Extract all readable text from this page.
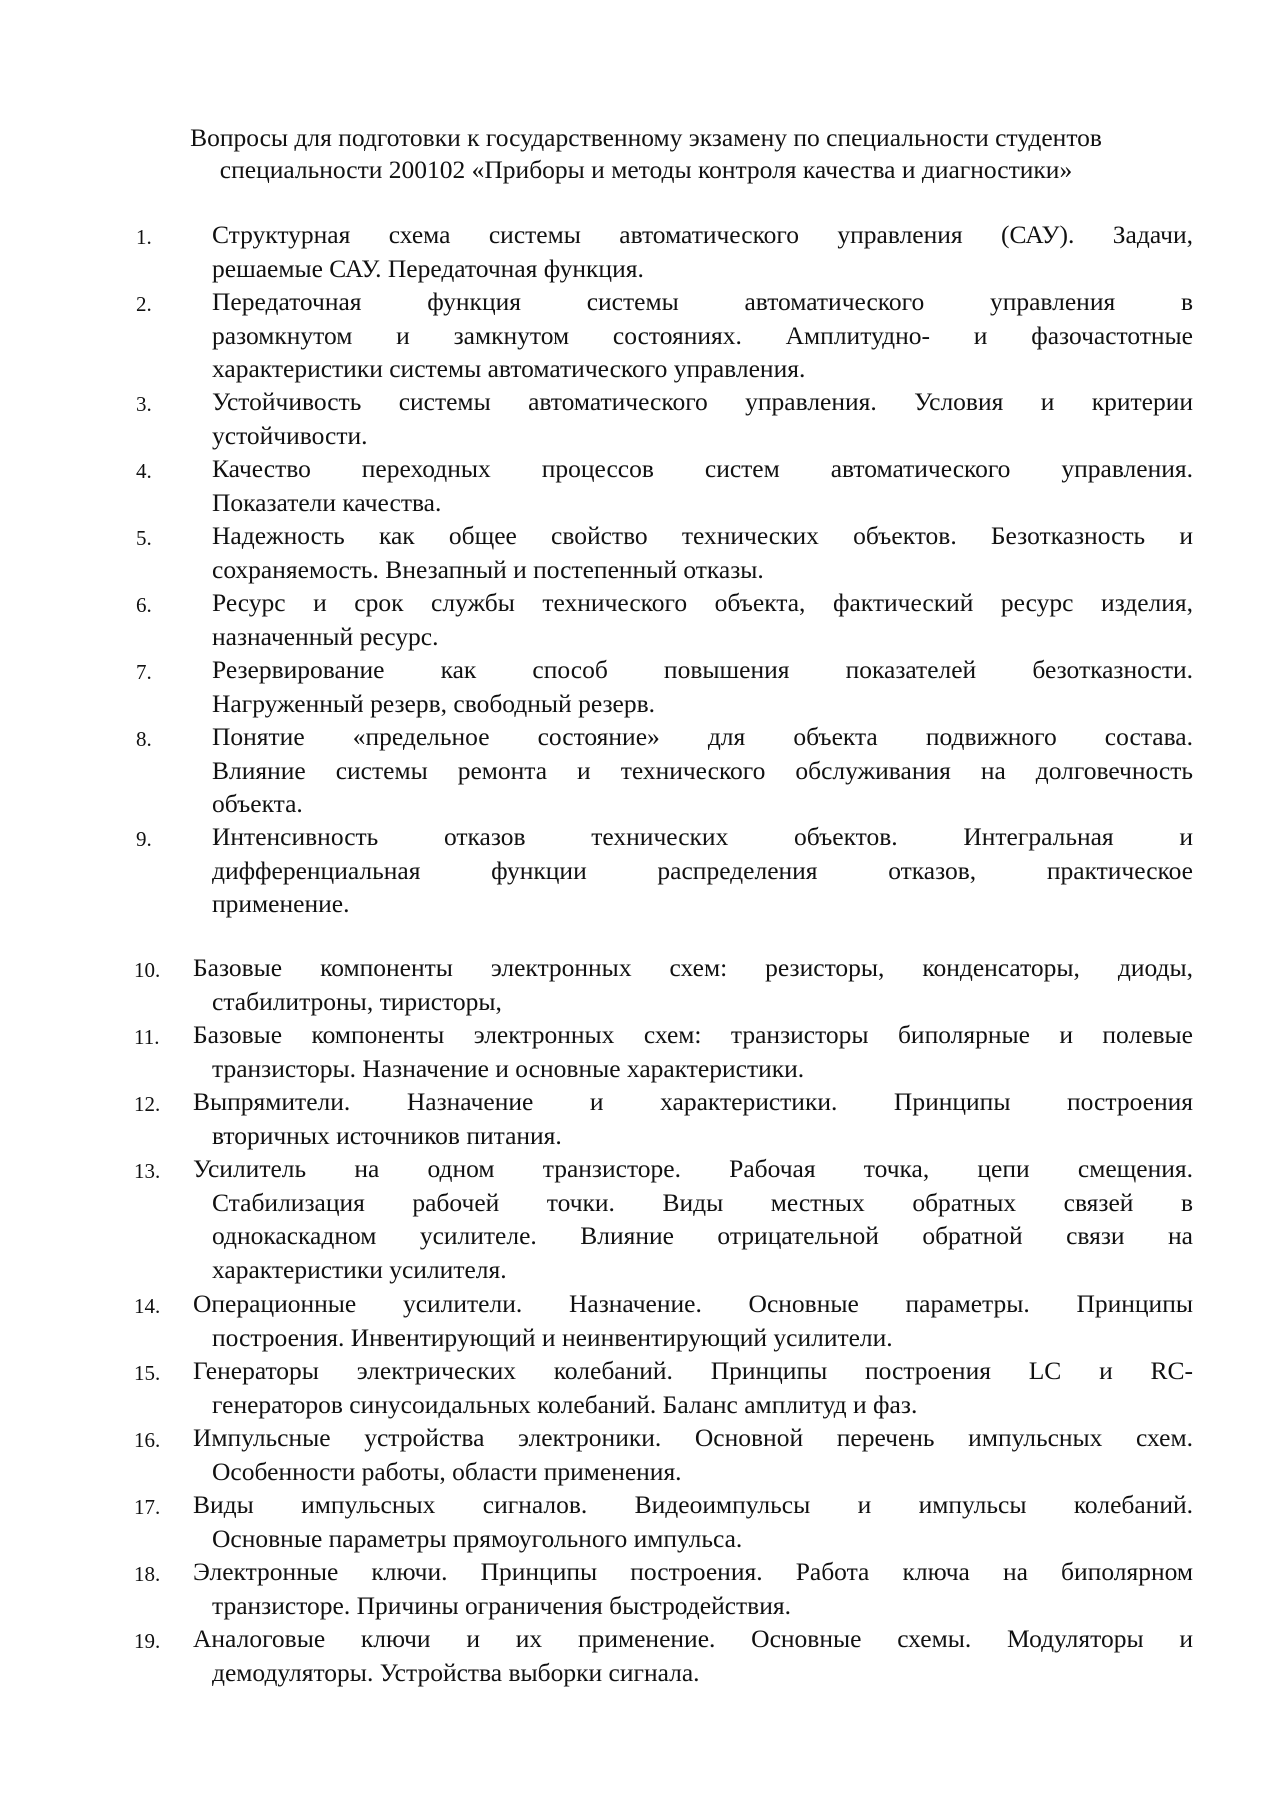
Вопросы для подготовки к государственному экзамену по специальности студентов
специальности 200102 «Приборы и методы контроля качества и диагностики»
1. Структурная схема системы автоматического управления (САУ). Задачи,
решаемые САУ. Передаточная функция.
2. Передаточная функция системы автоматического управления в
разомкнутом и замкнутом состояниях. Амплитудно- и фазочастотные
характеристики системы автоматического управления.
3. Устойчивость системы автоматического управления. Условия и критерии
устойчивости.
4. Качество переходных процессов систем автоматического управления.
Показатели качества.
5. Надежность как общее свойство технических объектов. Безотказность и
сохраняемость. Внезапный и постепенный отказы.
6. Ресурс и срок службы технического объекта, фактический ресурс изделия,
назначенный ресурс.
7. Резервирование как способ повышения показателей безотказности.
Нагруженный резерв, свободный резерв.
8. Понятие «предельное состояние» для объекта подвижного состава.
Влияние системы ремонта и технического обслуживания на долговечность
объекта.
9. Интенсивность отказов технических объектов. Интегральная и
дифференциальная функции распределения отказов, практическое
применение.
10. Базовые компоненты электронных схем: резисторы, конденсаторы, диоды,
стабилитроны, тиристоры,
11. Базовые компоненты электронных схем: транзисторы биполярные и полевые
транзисторы. Назначение и основные характеристики.
12. Выпрямители. Назначение и характеристики. Принципы построения
вторичных источников питания.
13. Усилитель на одном транзисторе. Рабочая точка, цепи смещения.
Стабилизация рабочей точки. Виды местных обратных связей в
однокаскадном усилителе. Влияние отрицательной обратной связи на
характеристики усилителя.
14. Операционные усилители. Назначение. Основные параметры. Принципы
построения. Инвентирующий и неинвентирующий усилители.
15. Генераторы электрических колебаний. Принципы построения LC и RC-
генераторов синусоидальных колебаний. Баланс амплитуд и фаз.
16. Импульсные устройства электроники. Основной перечень импульсных схем.
Особенности работы, области применения.
17. Виды импульсных сигналов. Видеоимпульсы и импульсы колебаний.
Основные параметры прямоугольного импульса.
18. Электронные ключи. Принципы построения. Работа ключа на биполярном
транзисторе. Причины ограничения быстродействия.
19. Аналоговые ключи и их применение. Основные схемы. Модуляторы и
демодуляторы. Устройства выборки сигнала.
